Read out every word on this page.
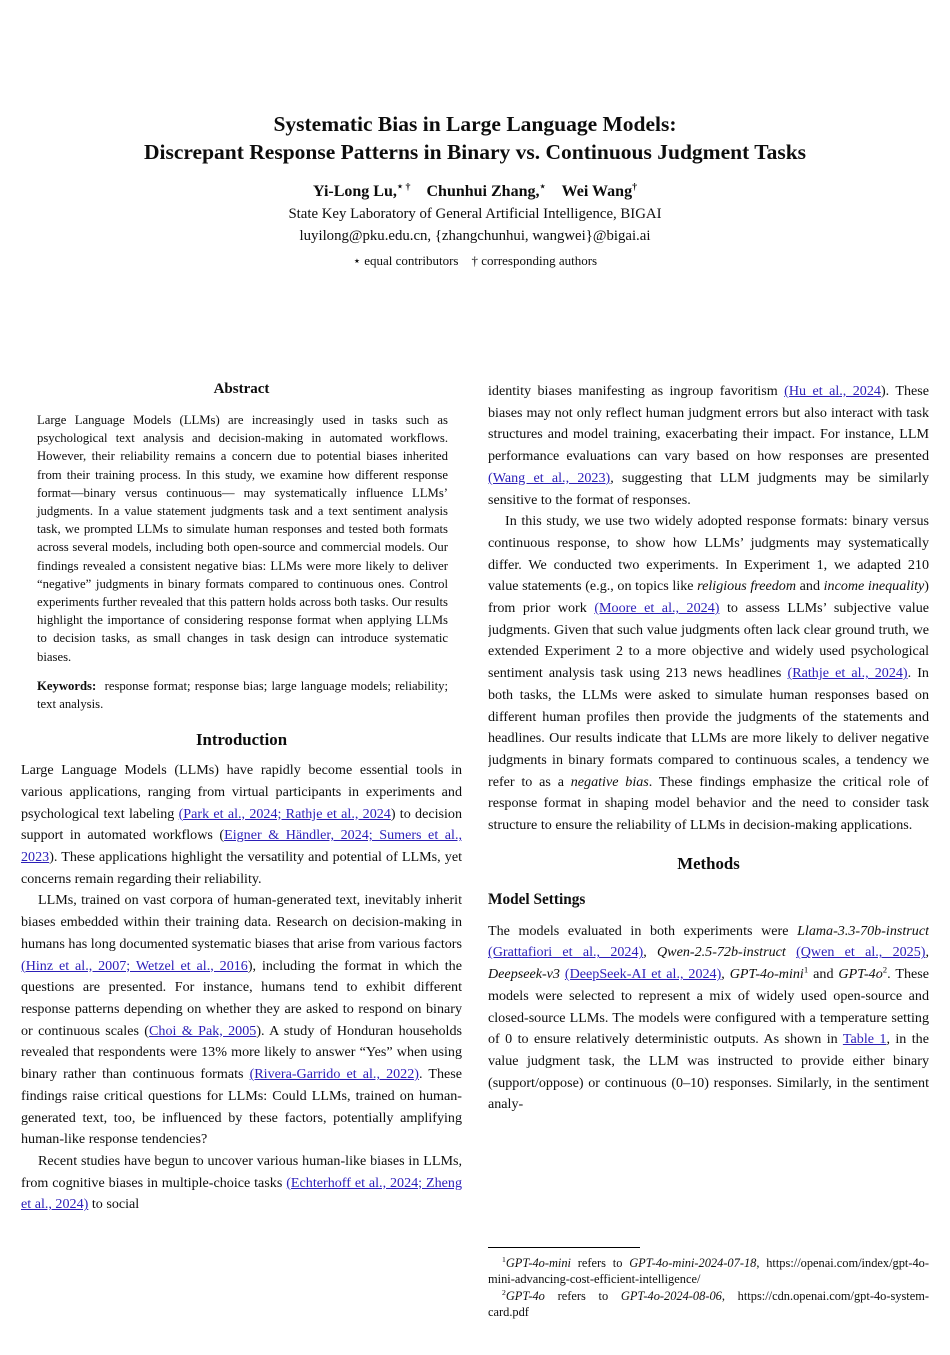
Systematic Bias in Large Language Models:
Discrepant Response Patterns in Binary vs. Continuous Judgment Tasks
Yi-Long Lu,⋆ † Chunhui Zhang,⋆ Wei Wang†
State Key Laboratory of General Artificial Intelligence, BIGAI
luyilong@pku.edu.cn, {zhangchunhui, wangwei}@bigai.ai
⋆ equal contributors    † corresponding authors
Abstract

Large Language Models (LLMs) are increasingly used in tasks such as psychological text analysis and decision-making in automated workflows. However, their reliability remains a concern due to potential biases inherited from their training process. In this study, we examine how different response format—binary versus continuous— may systematically influence LLMs’ judgments. In a value statement judgments task and a text sentiment analysis task, we prompted LLMs to simulate human responses and tested both formats across several models, including both open-source and commercial models. Our findings revealed a consistent negative bias: LLMs were more likely to deliver “negative” judgments in binary formats compared to continuous ones. Control experiments further revealed that this pattern holds across both tasks. Our results highlight the importance of considering response format when applying LLMs to decision tasks, as small changes in task design can introduce systematic biases.

Keywords:  response format; response bias; large language models; reliability; text analysis.

Introduction

Large Language Models (LLMs) have rapidly become essential tools in various applications, ranging from virtual participants in experiments and psychological text labeling (Park et al., 2024; Rathje et al., 2024) to decision support in automated workflows (Eigner & Händler, 2024; Sumers et al., 2023). These applications highlight the versatility and potential of LLMs, yet concerns remain regarding their reliability.

LLMs, trained on vast corpora of human-generated text, inevitably inherit biases embedded within their training data. Research on decision-making in humans has long documented systematic biases that arise from various factors (Hinz et al., 2007; Wetzel et al., 2016), including the format in which the questions are presented. For instance, humans tend to exhibit different response patterns depending on whether they are asked to respond on binary or continuous scales (Choi & Pak, 2005). A study of Honduran households revealed that respondents were 13% more likely to answer “Yes” when using binary rather than continuous formats (Rivera-Garrido et al., 2022). These findings raise critical questions for LLMs: Could LLMs, trained on human-generated text, too, be influenced by these factors, potentially amplifying human-like response tendencies?

Recent studies have begun to uncover various human-like biases in LLMs, from cognitive biases in multiple-choice tasks (Echterhoff et al., 2024; Zheng et al., 2024) to social

identity biases manifesting as ingroup favoritism (Hu et al., 2024). These biases may not only reflect human judgment errors but also interact with task structures and model training, exacerbating their impact. For instance, LLM performance evaluations can vary based on how responses are presented (Wang et al., 2023), suggesting that LLM judgments may be similarly sensitive to the format of responses.

In this study, we use two widely adopted response formats: binary versus continuous response, to show how LLMs’ judgments may systematically differ. We conducted two experiments. In Experiment 1, we adapted 210 value statements (e.g., on topics like religious freedom and income inequality) from prior work (Moore et al., 2024) to assess LLMs’ subjective value judgments. Given that such value judgments often lack clear ground truth, we extended Experiment 2 to a more objective and widely used psychological sentiment analysis task using 213 news headlines (Rathje et al., 2024). In both tasks, the LLMs were asked to simulate human responses based on different human profiles then provide the judgments of the statements and headlines. Our results indicate that LLMs are more likely to deliver negative judgments in binary formats compared to continuous scales, a tendency we refer to as a negative bias. These findings emphasize the critical role of response format in shaping model behavior and the need to consider task structure to ensure the reliability of LLMs in decision-making applications.

Methods
Model Settings

The models evaluated in both experiments were Llama-3.3-70b-instruct (Grattafiori et al., 2024), Qwen-2.5-72b-instruct (Qwen et al., 2025), Deepseek-v3 (DeepSeek-AI et al., 2024), GPT-4o-mini$^1$ and GPT-$4o^2$. These models were selected to represent a mix of widely used open-source and closed-source LLMs. The models were configured with a temperature setting of 0 to ensure relatively deterministic outputs. As shown in Table 1, in the value judgment task, the LLM was instructed to provide either binary (support/oppose) or continuous (0–10) responses. Similarly, in the sentiment analy-

$^1$GPT-4o-mini refers to GPT-4o-mini-2024-07-18, https://openai.com/index/gpt-4o-mini-advancing-cost-efficient-intelligence/

$^2$GPT-4o refers to GPT-4o-2024-08-06, https://cdn.openai.com/gpt-4o-system-card.pdf
